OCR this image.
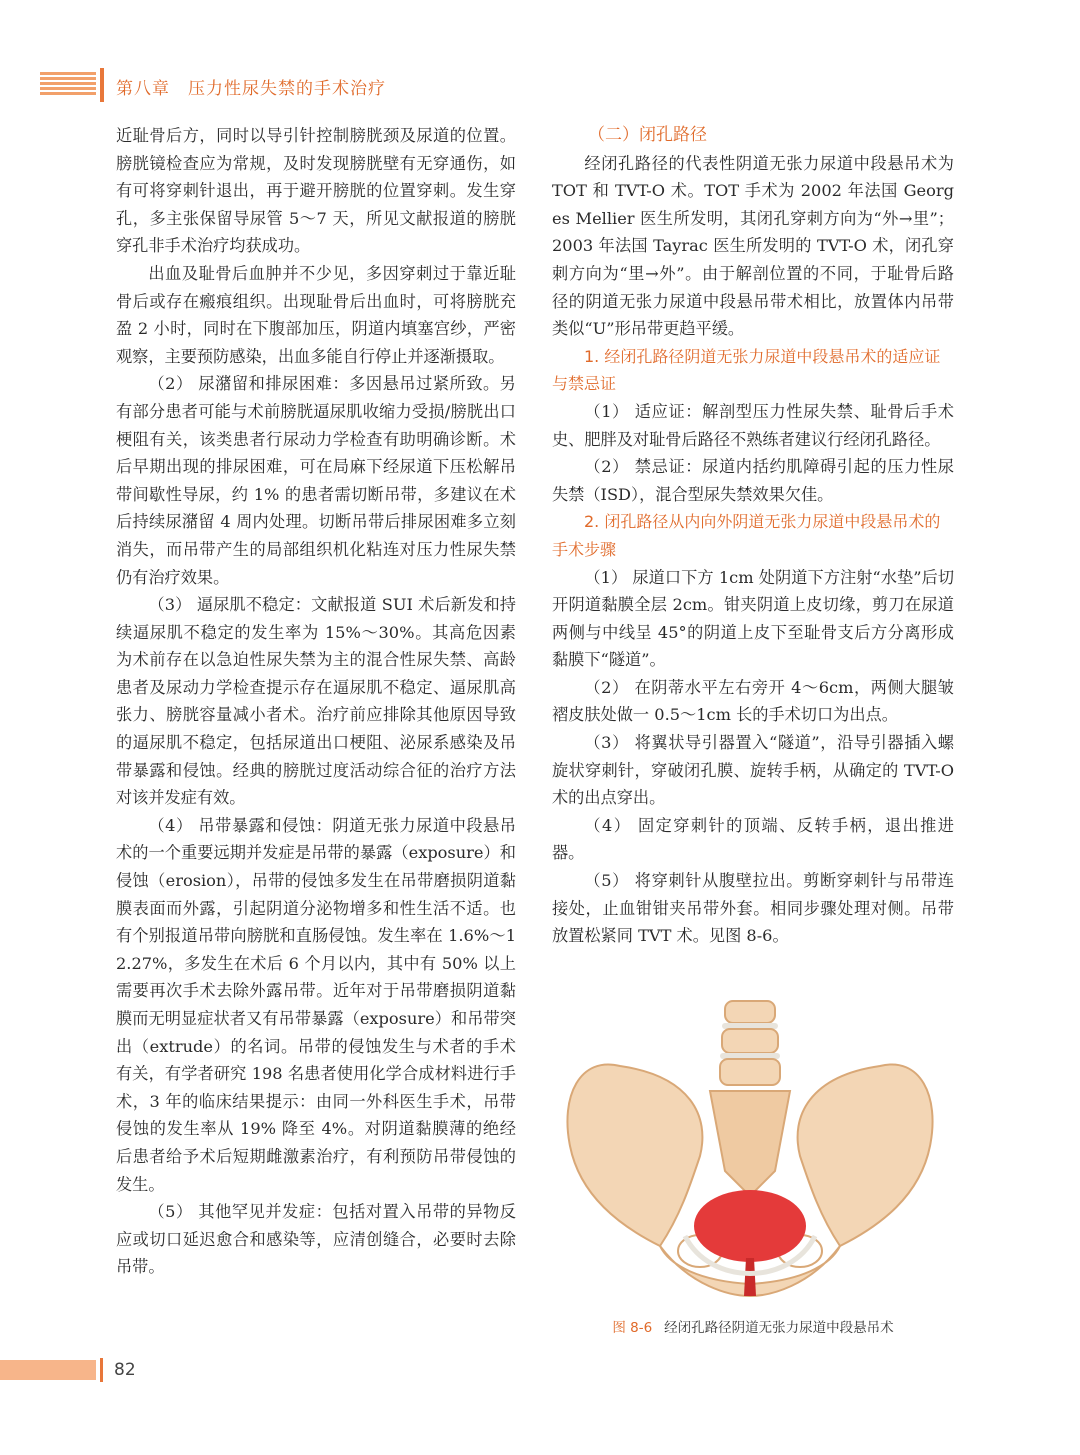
第八章　压力性尿失禁的手术治疗

近耻骨后方，同时以导引针控制膀胱颈及尿道的位置。膀胱镜检查应为常规，及时发现膀胱壁有无穿通伤，如有可将穿刺针退出，再于避开膀胱的位置穿刺。发生穿孔，多主张保留导尿管 5～7 天，所见文献报道的膀胱穿孔非手术治疗均获成功。

出血及耻骨后血肿并不少见，多因穿刺过于靠近耻骨后或存在瘢痕组织。出现耻骨后出血时，可将膀胱充盈 2 小时，同时在下腹部加压，阴道内填塞宫纱，严密观察，主要预防感染，出血多能自行停止并逐渐摄取。

（2） 尿潴留和排尿困难：多因悬吊过紧所致。另有部分患者可能与术前膀胱逼尿肌收缩力受损/膀胱出口梗阻有关，该类患者行尿动力学检查有助明确诊断。术后早期出现的排尿困难，可在局麻下经尿道下压松解吊带间歇性导尿，约 1% 的患者需切断吊带，多建议在术后持续尿潴留 4 周内处理。切断吊带后排尿困难多立刻消失，而吊带产生的局部组织机化粘连对压力性尿失禁仍有治疗效果。

（3） 逼尿肌不稳定：文献报道 SUI 术后新发和持续逼尿肌不稳定的发生率为 15%～30%。其高危因素为术前存在以急迫性尿失禁为主的混合性尿失禁、高龄患者及尿动力学检查提示存在逼尿肌不稳定、逼尿肌高张力、膀胱容量减小者术。治疗前应排除其他原因导致的逼尿肌不稳定，包括尿道出口梗阻、泌尿系感染及吊带暴露和侵蚀。经典的膀胱过度活动综合征的治疗方法对该并发症有效。

（4） 吊带暴露和侵蚀：阴道无张力尿道中段悬吊术的一个重要远期并发症是吊带的暴露（exposure）和侵蚀（erosion），吊带的侵蚀多发生在吊带磨损阴道黏膜表面而外露，引起阴道分泌物增多和性生活不适。也有个别报道吊带向膀胱和直肠侵蚀。发生率在 1.6%～12.27%，多发生在术后 6 个月以内，其中有 50% 以上需要再次手术去除外露吊带。近年对于吊带磨损阴道黏膜而无明显症状者又有吊带暴露（exposure）和吊带突出（extrude）的名词。吊带的侵蚀发生与术者的手术有关，有学者研究 198 名患者使用化学合成材料进行手术，3 年的临床结果提示：由同一外科医生手术，吊带侵蚀的发生率从 19% 降至 4%。对阴道黏膜薄的绝经后患者给予术后短期雌激素治疗，有利预防吊带侵蚀的发生。

（5） 其他罕见并发症：包括对置入吊带的异物反应或切口延迟愈合和感染等，应清创缝合，必要时去除吊带。

（二）闭孔路径

经闭孔路径的代表性阴道无张力尿道中段悬吊术为 TOT 和 TVT-O 术。TOT 手术为 2002 年法国 Georges Mellier 医生所发明，其闭孔穿刺方向为“外→里”；2003 年法国 Tayrac 医生所发明的 TVT-O 术，闭孔穿刺方向为“里→外”。由于解剖位置的不同，于耻骨后路径的阴道无张力尿道中段悬吊带术相比，放置体内吊带类似“U”形吊带更趋平缓。

1. 经闭孔路径阴道无张力尿道中段悬吊术的适应证与禁忌证

（1） 适应证：解剖型压力性尿失禁、耻骨后手术史、肥胖及对耻骨后路径不熟练者建议行经闭孔路径。

（2） 禁忌证：尿道内括约肌障碍引起的压力性尿失禁（ISD），混合型尿失禁效果欠佳。

2. 闭孔路径从内向外阴道无张力尿道中段悬吊术的手术步骤

（1） 尿道口下方 1cm 处阴道下方注射“水垫”后切开阴道黏膜全层 2cm。钳夹阴道上皮切缘，剪刀在尿道两侧与中线呈 45°的阴道上皮下至耻骨支后方分离形成黏膜下“隧道”。

（2） 在阴蒂水平左右旁开 4～6cm，两侧大腿皱褶皮肤处做一 0.5～1cm 长的手术切口为出点。

（3） 将翼状导引器置入“隧道”，沿导引器插入螺旋状穿刺针，穿破闭孔膜、旋转手柄，从确定的 TVT-O 术的出点穿出。

（4） 固定穿刺针的顶端、反转手柄，退出推进器。

（5） 将穿刺针从腹壁拉出。剪断穿刺针与吊带连接处，止血钳钳夹吊带外套。相同步骤处理对侧。吊带放置松紧同 TVT 术。见图 8-6。

图 8-6 经闭孔路径阴道无张力尿道中段悬吊术
82
